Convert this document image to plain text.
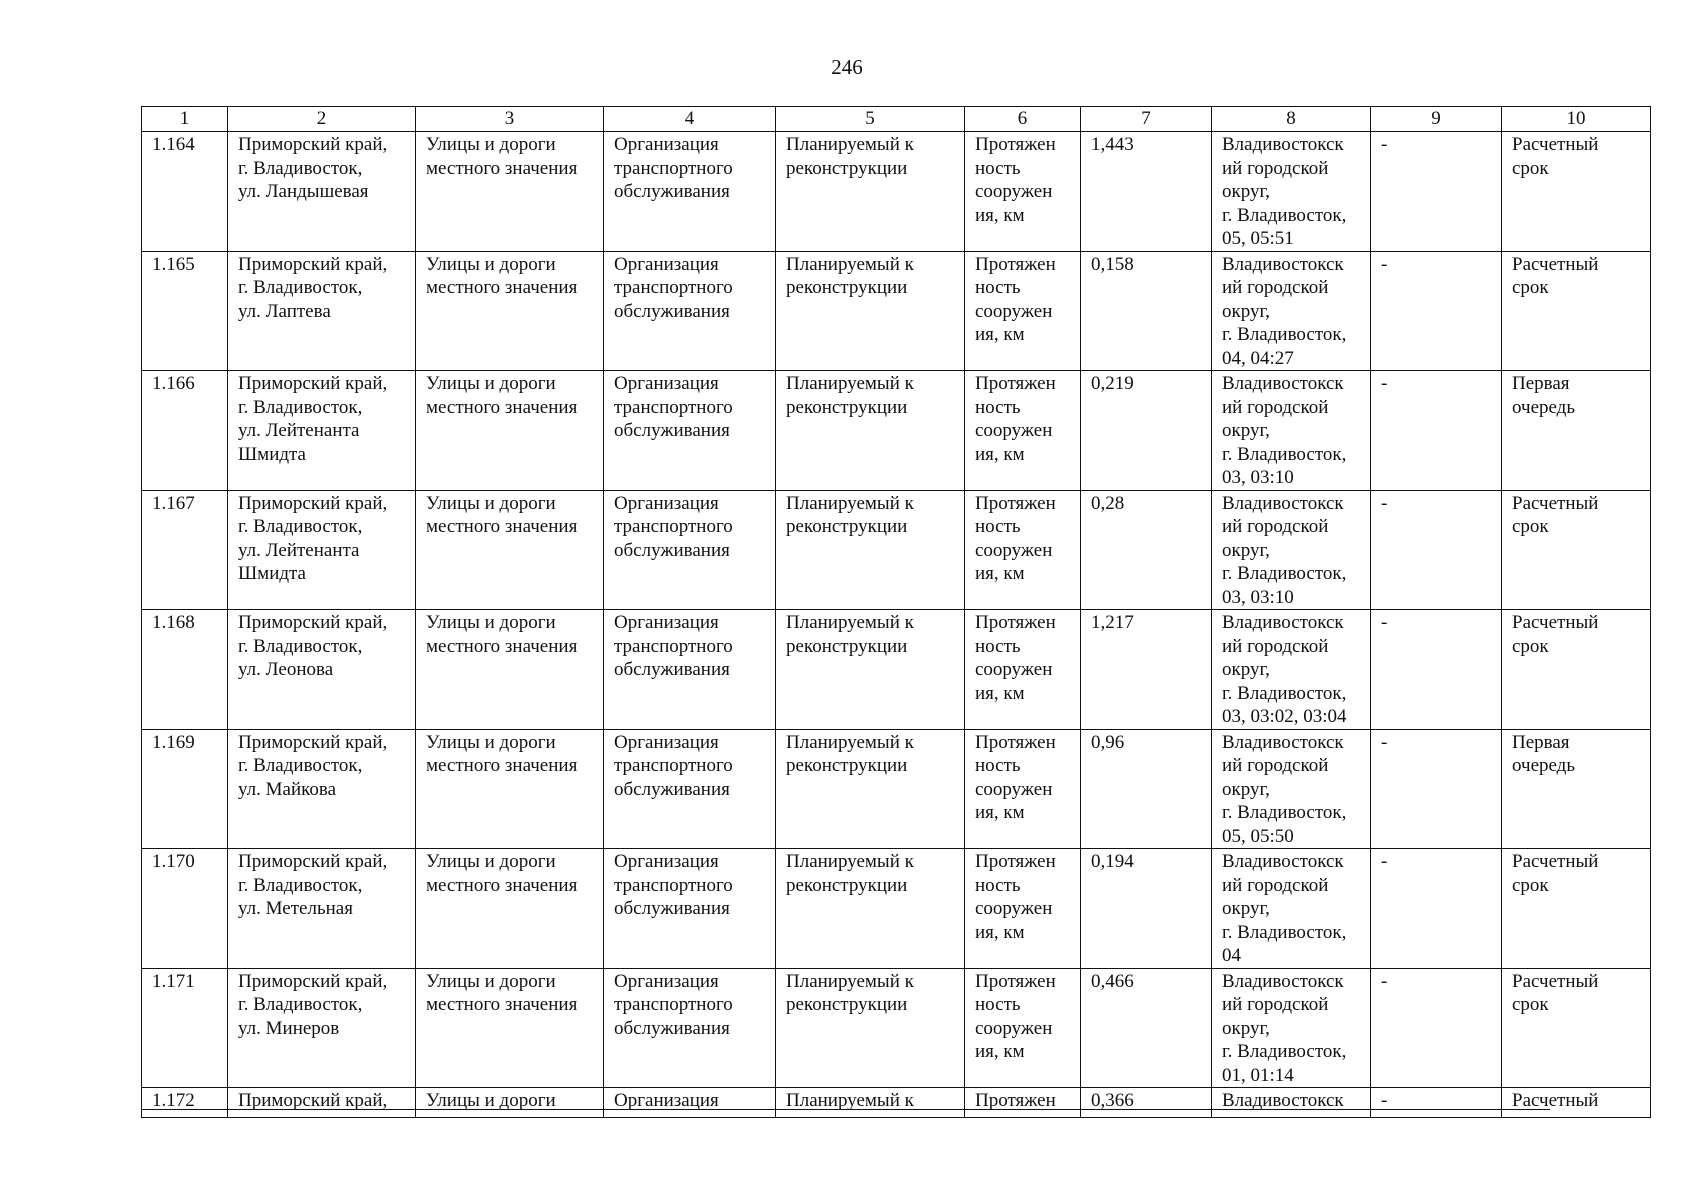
246
1	2	3	4	5	6	7	8	9	10

1.164	Приморский край,
г. Владивосток,
ул. Ландышевая	Улицы и дороги
местного значения	Организация
транспортного
обслуживания	Планируемый к
реконструкции	Протяжен
ность
сооружен
ия, км	1,443	Владивостокск
ий городской
округ,
г. Владивосток,
05, 05:51	-	Расчетный
срок

1.165	Приморский край,
г. Владивосток,
ул. Лаптева	Улицы и дороги
местного значения	Организация
транспортного
обслуживания	Планируемый к
реконструкции	Протяжен
ность
сооружен
ия, км	0,158	Владивостокск
ий городской
округ,
г. Владивосток,
04, 04:27	-	Расчетный
срок

1.166	Приморский край,
г. Владивосток,
ул. Лейтенанта
Шмидта	Улицы и дороги
местного значения	Организация
транспортного
обслуживания	Планируемый к
реконструкции	Протяжен
ность
сооружен
ия, км	0,219	Владивостокск
ий городской
округ,
г. Владивосток,
03, 03:10	-	Первая
очередь

1.167	Приморский край,
г. Владивосток,
ул. Лейтенанта
Шмидта	Улицы и дороги
местного значения	Организация
транспортного
обслуживания	Планируемый к
реконструкции	Протяжен
ность
сооружен
ия, км	0,28	Владивостокск
ий городской
округ,
г. Владивосток,
03, 03:10	-	Расчетный
срок

1.168	Приморский край,
г. Владивосток,
ул. Леонова	Улицы и дороги
местного значения	Организация
транспортного
обслуживания	Планируемый к
реконструкции	Протяжен
ность
сооружен
ия, км	1,217	Владивостокск
ий городской
округ,
г. Владивосток,
03, 03:02, 03:04	-	Расчетный
срок

1.169	Приморский край,
г. Владивосток,
ул. Майкова	Улицы и дороги
местного значения	Организация
транспортного
обслуживания	Планируемый к
реконструкции	Протяжен
ность
сооружен
ия, км	0,96	Владивостокск
ий городской
округ,
г. Владивосток,
05, 05:50	-	Первая
очередь

1.170	Приморский край,
г. Владивосток,
ул. Метельная	Улицы и дороги
местного значения	Организация
транспортного
обслуживания	Планируемый к
реконструкции	Протяжен
ность
сооружен
ия, км	0,194	Владивостокск
ий городской
округ,
г. Владивосток,
04	-	Расчетный
срок

1.171	Приморский край,
г. Владивосток,
ул. Минеров	Улицы и дороги
местного значения	Организация
транспортного
обслуживания	Планируемый к
реконструкции	Протяжен
ность
сооружен
ия, км	0,466	Владивостокск
ий городской
округ,
г. Владивосток,
01, 01:14	-	Расчетный
срок

1.172	Приморский край,	Улицы и дороги	Организация	Планируемый к	Протяжен	0,366	Владивостокск	-	Расчетный
